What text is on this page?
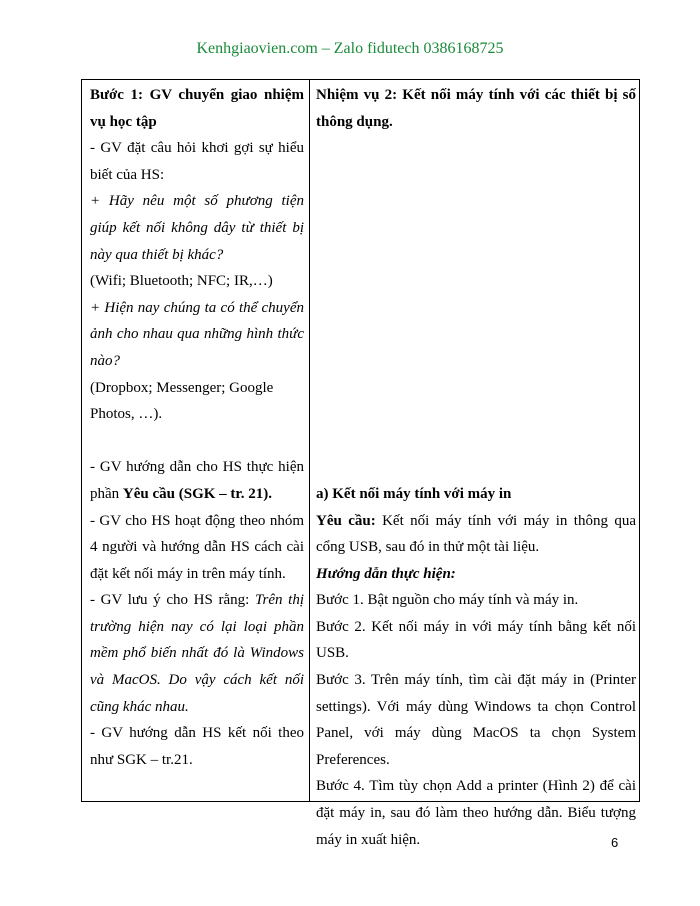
Kenhgiaovien.com – Zalo fidutech 0386168725

Bước 1: GV chuyển giao nhiệm vụ học tập

- GV đặt câu hỏi khơi gợi sự hiểu biết của HS:

+ Hãy nêu một số phương tiện giúp kết nối không dây từ thiết bị này qua thiết bị khác?

(Wifi; Bluetooth; NFC; IR,…)

+ Hiện nay chúng ta có thể chuyển ảnh cho nhau qua những hình thức nào?

(Dropbox; Messenger; Google Photos, …).

- GV hướng dẫn cho HS thực hiện phần Yêu cầu (SGK – tr. 21).

- GV cho HS hoạt động theo nhóm 4 người và hướng dẫn HS cách cài đặt kết nối máy in trên máy tính.

- GV lưu ý cho HS rằng: Trên thị trường hiện nay có lại loại phần mềm phổ biến nhất đó là Windows và MacOS. Do vậy cách kết nối cũng khác nhau.

- GV hướng dẫn HS kết nối theo như SGK – tr.21.

Nhiệm vụ 2: Kết nối máy tính với các thiết bị số thông dụng.

a) Kết nối máy tính với máy in

Yêu cầu: Kết nối máy tính với máy in thông qua cổng USB, sau đó in thử một tài liệu.

Hướng dẫn thực hiện:

Bước 1. Bật nguồn cho máy tính và máy in.

Bước 2. Kết nối máy in với máy tính bằng kết nối USB.

Bước 3. Trên máy tính, tìm cài đặt máy in (Printer settings). Với máy dùng Windows ta chọn Control Panel, với máy dùng MacOS ta chọn System Preferences.

Bước 4. Tìm tùy chọn Add a printer (Hình 2) để cài đặt máy in, sau đó làm theo hướng dẫn. Biểu tượng máy in xuất hiện.	6
